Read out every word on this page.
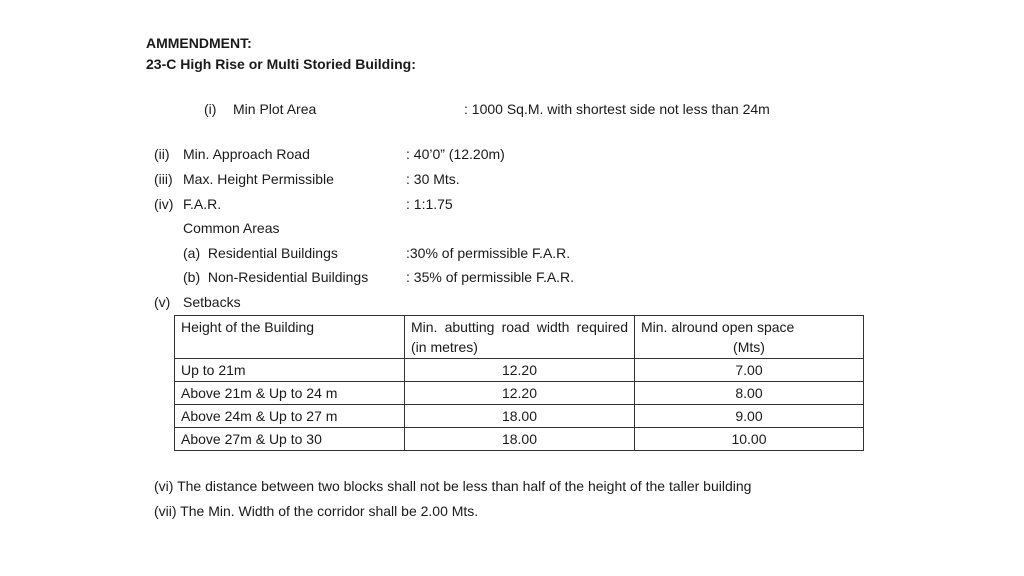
AMMENDMENT:
23-C High Rise or Multi Storied Building:
(i) Min Plot Area	: 1000 Sq.M. with shortest side not less than 24m
(ii) Min. Approach Road	: 40’0” (12.20m)
(iii) Max. Height Permissible	: 30 Mts.
(iv) F.A.R.	: 1:1.75
Common Areas
(a)  Residential Buildings	:30% of permissible F.A.R.
(b)  Non-Residential Buildings	: 35% of permissible F.A.R.
(v) Setbacks
Height of the Building	Min. abutting road width required (in metres)	Min. alround open space
(Mts)

Up to 21m	12.20	7.00
Above 21m & Up to 24 m	12.20	8.00
Above 24m & Up to 27 m	18.00	9.00
Above 27m & Up to 30	18.00	10.00
(vi) The distance between two blocks shall not be less than half of the height of the taller building
(vii) The Min. Width of the corridor shall be 2.00 Mts.
